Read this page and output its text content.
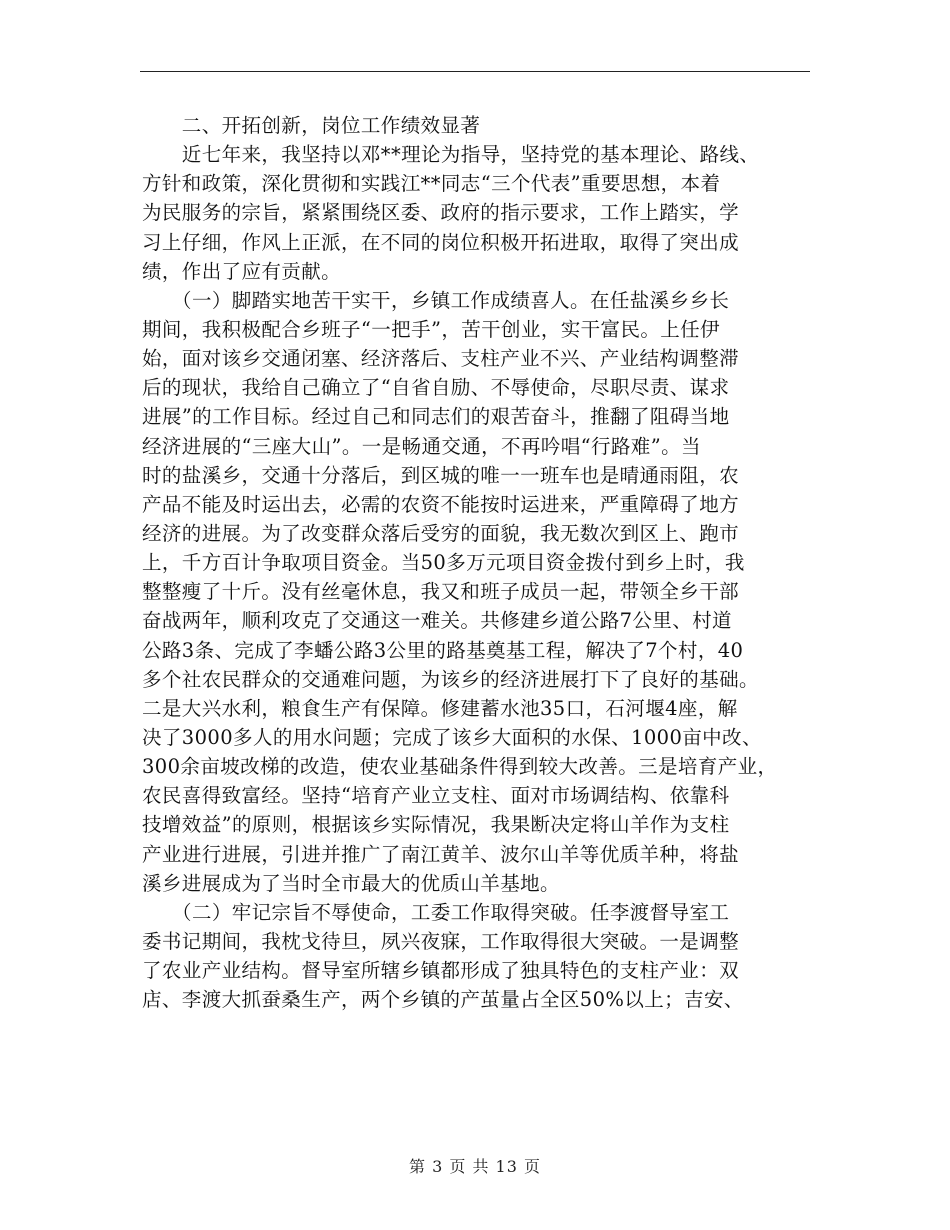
　　二、开拓创新，岗位工作绩效显著
　　近七年来，我坚持以邓**理论为指导，坚持党的基本理论、路线、
方针和政策，深化贯彻和实践江**同志“三个代表”重要思想，本着
为民服务的宗旨，紧紧围绕区委、政府的指示要求，工作上踏实，学
习上仔细，作风上正派，在不同的岗位积极开拓进取，取得了突出成
绩，作出了应有贡献。
　　（一）脚踏实地苦干实干，乡镇工作成绩喜人。在任盐溪乡乡长
期间，我积极配合乡班子“一把手”，苦干创业，实干富民。上任伊
始，面对该乡交通闭塞、经济落后、支柱产业不兴、产业结构调整滞
后的现状，我给自己确立了“自省自励、不辱使命，尽职尽责、谋求
进展”的工作目标。经过自己和同志们的艰苦奋斗，推翻了阻碍当地
经济进展的“三座大山”。一是畅通交通，不再吟唱“行路难”。当
时的盐溪乡，交通十分落后，到区城的唯一一班车也是晴通雨阻，农
产品不能及时运出去，必需的农资不能按时运进来，严重障碍了地方
经济的进展。为了改变群众落后受穷的面貌，我无数次到区上、跑市
上，千方百计争取项目资金。当50多万元项目资金拨付到乡上时，我
整整瘦了十斤。没有丝毫休息，我又和班子成员一起，带领全乡干部
奋战两年，顺利攻克了交通这一难关。共修建乡道公路7公里、村道
公路3条、完成了李蟠公路3公里的路基奠基工程，解决了7个村，40
多个社农民群众的交通难问题，为该乡的经济进展打下了良好的基础。
二是大兴水利，粮食生产有保障。修建蓄水池35口，石河堰4座，解
决了3000多人的用水问题；完成了该乡大面积的水保、1000亩中改、
300余亩坡改梯的改造，使农业基础条件得到较大改善。三是培育产业，
农民喜得致富经。坚持“培育产业立支柱、面对市场调结构、依靠科
技增效益”的原则，根据该乡实际情况，我果断决定将山羊作为支柱
产业进行进展，引进并推广了南江黄羊、波尔山羊等优质羊种，将盐
溪乡进展成为了当时全市最大的优质山羊基地。
　　（二）牢记宗旨不辱使命，工委工作取得突破。任李渡督导室工
委书记期间，我枕戈待旦，夙兴夜寐，工作取得很大突破。一是调整
了农业产业结构。督导室所辖乡镇都形成了独具特色的支柱产业：双
店、李渡大抓蚕桑生产，两个乡镇的产茧量占全区50%以上；吉安、
第 3 页 共 13 页
